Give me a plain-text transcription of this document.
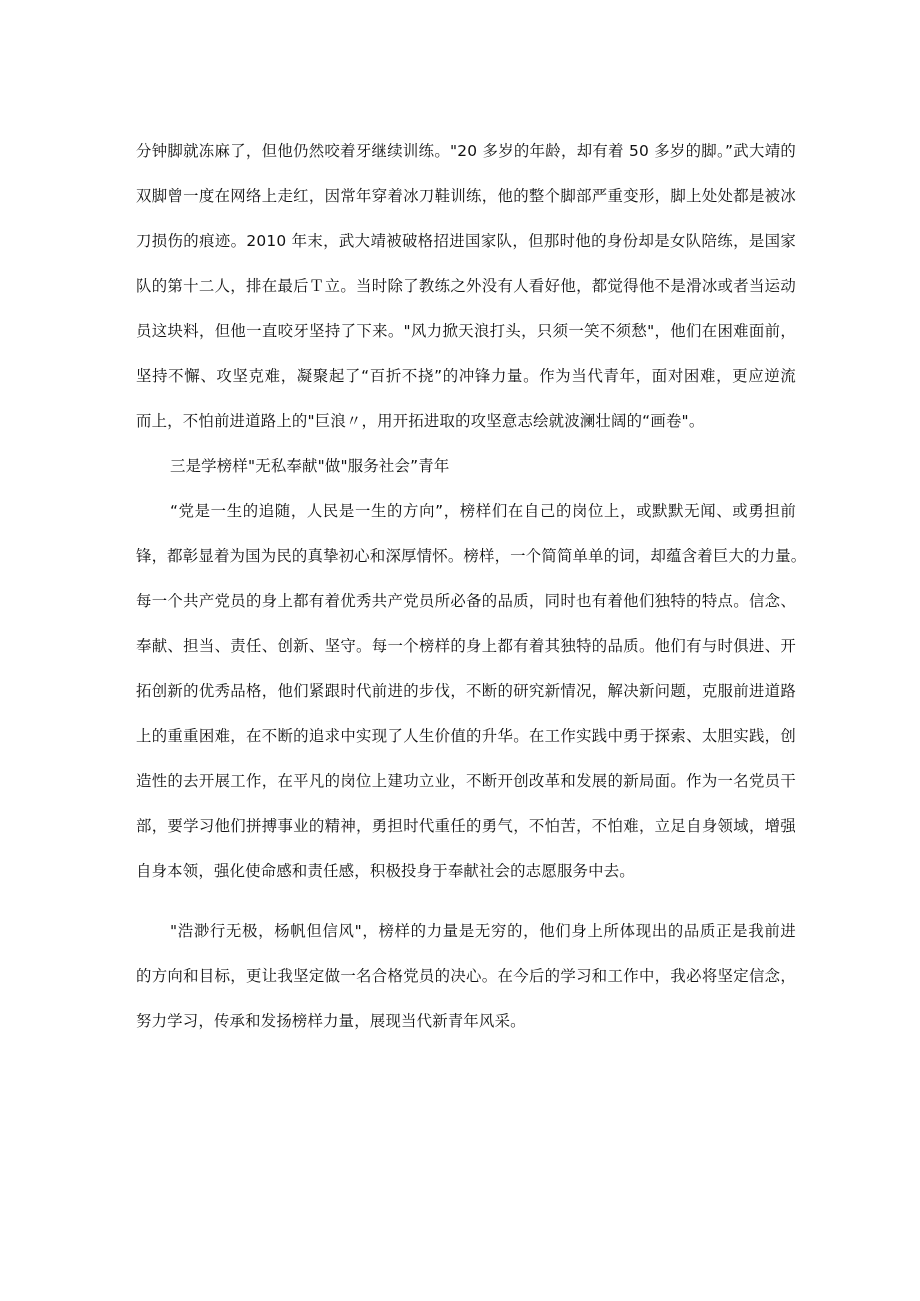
分钟脚就冻麻了，但他仍然咬着牙继续训练。"20 多岁的年龄，却有着 50 多岁的脚。”武大靖的
双脚曾一度在网络上走红，因常年穿着冰刀鞋训练，他的整个脚部严重变形，脚上处处都是被冰
刀损伤的痕迹。2010 年末，武大靖被破格招进国家队，但那时他的身份却是女队陪练，是国家
队的第十二人，排在最后Ｔ立。当时除了教练之外没有人看好他，都觉得他不是滑冰或者当运动
员这块料，但他一直咬牙坚持了下来。"风力掀天浪打头，只须一笑不须愁"，他们在困难面前，
坚持不懈、攻坚克难，凝聚起了“百折不挠”的冲锋力量。作为当代青年，面对困难，更应逆流
而上，不怕前进道路上的"巨浪〃，用开拓进取的攻坚意志绘就波澜壮阔的“画卷"。
三是学榜样"无私奉献"做"服务社会”青年
“党是一生的追随，人民是一生的方向”，榜样们在自己的岗位上，或默默无闻、或勇担前
锋，都彰显着为国为民的真挚初心和深厚情怀。榜样，一个简简单单的词，却蕴含着巨大的力量。
每一个共产党员的身上都有着优秀共产党员所必备的品质，同时也有着他们独特的特点。信念、
奉献、担当、责任、创新、坚守。每一个榜样的身上都有着其独特的品质。他们有与时俱进、开
拓创新的优秀品格，他们紧跟时代前进的步伐，不断的研究新情况，解决新问题，克服前进道路
上的重重困难，在不断的追求中实现了人生价值的升华。在工作实践中勇于探索、太胆实践，创
造性的去开展工作，在平凡的岗位上建功立业，不断开创改革和发展的新局面。作为一名党员干
部，要学习他们拼搏事业的精神，勇担时代重任的勇气，不怕苦，不怕难，立足自身领域，增强
自身本领，强化使命感和责任感，积极投身于奉献社会的志愿服务中去。
"浩渺行无极，杨帆但信风"，榜样的力量是无穷的，他们身上所体现出的品质正是我前进
的方向和目标，更让我坚定做一名合格党员的决心。在今后的学习和工作中，我必将坚定信念，
努力学习，传承和发扬榜样力量，展现当代新青年风采。
